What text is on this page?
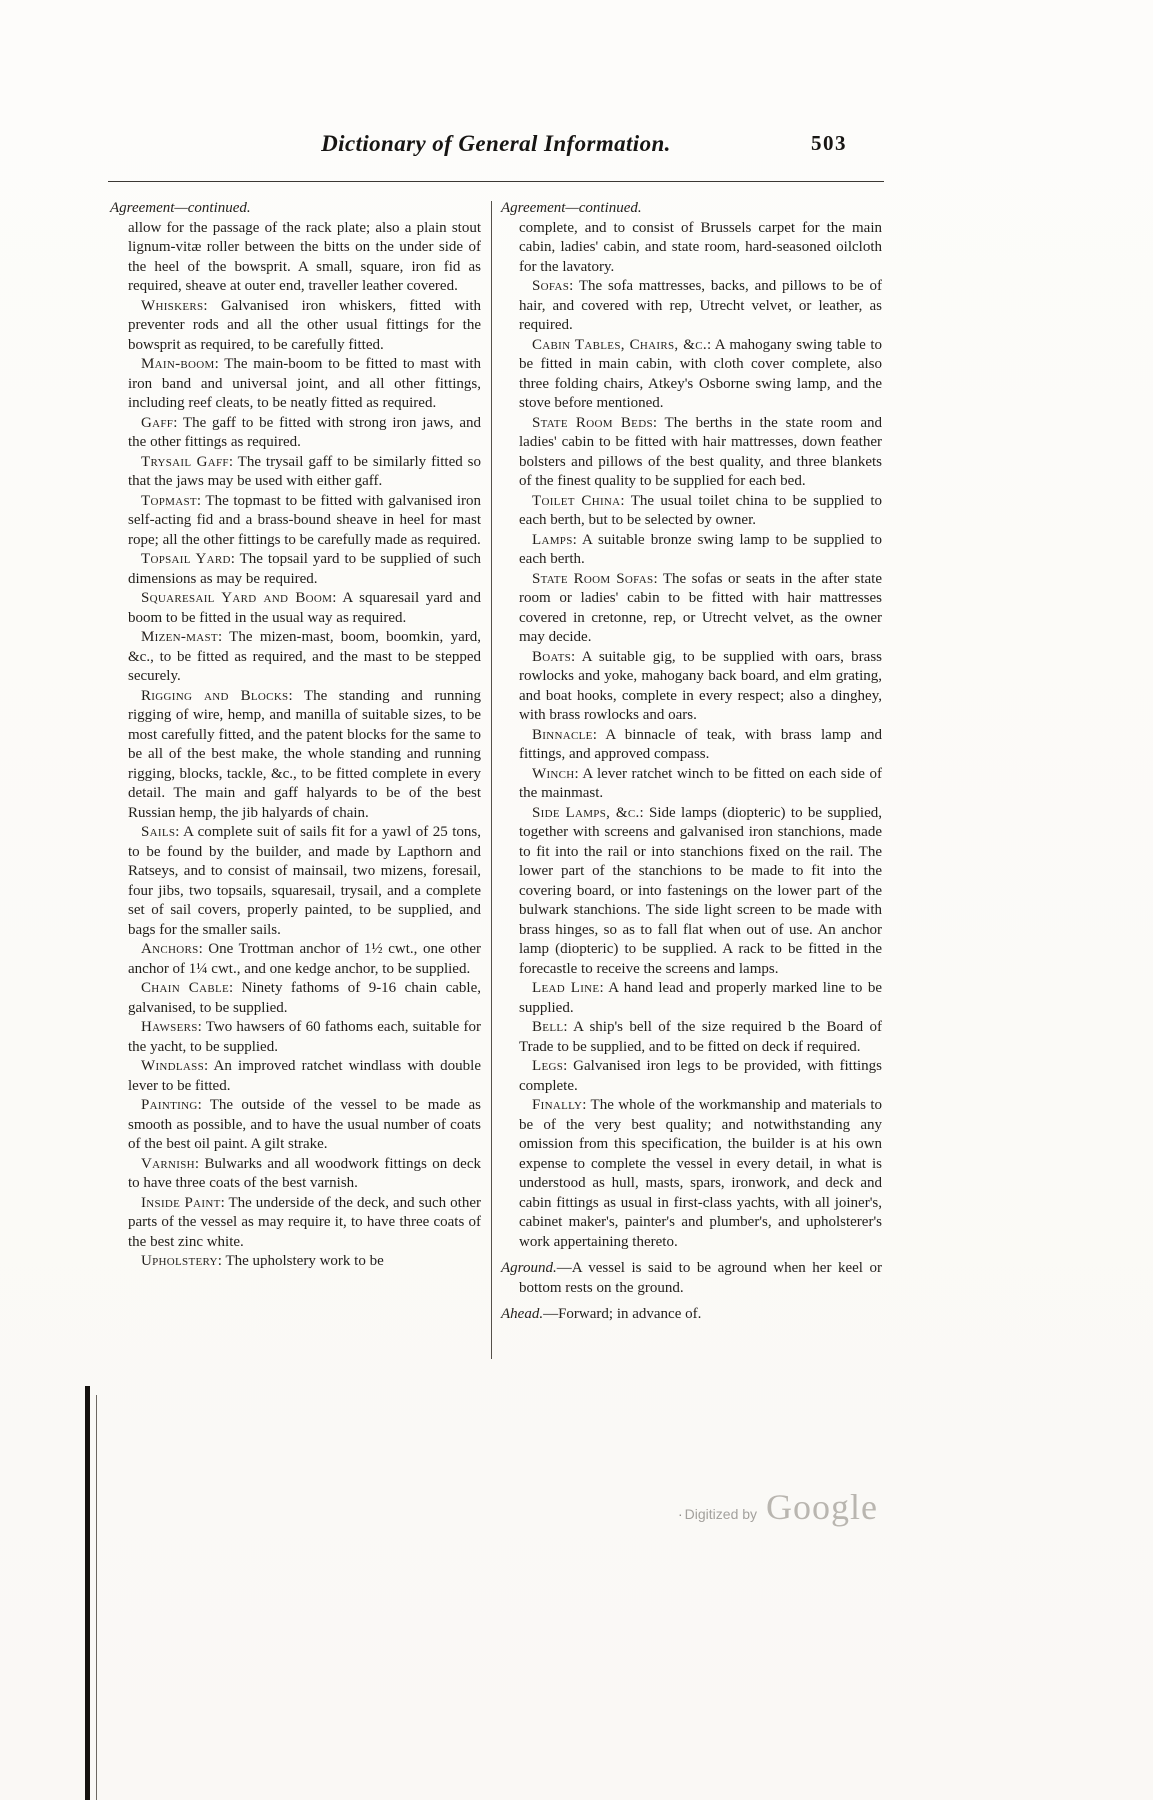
Dictionary of General Information.	503

Agreement—continued.

allow for the passage of the rack plate; also a plain stout lignum-vitæ roller between the bitts on the under side of the heel of the bowsprit. A small, square, iron fid as required, sheave at outer end, traveller leather covered.

Whiskers: Galvanised iron whiskers, fitted with preventer rods and all the other usual fittings for the bowsprit as required, to be carefully fitted.

Main-boom: The main-boom to be fitted to mast with iron band and universal joint, and all other fittings, including reef cleats, to be neatly fitted as required.

Gaff: The gaff to be fitted with strong iron jaws, and the other fittings as required.

Trysail Gaff: The trysail gaff to be similarly fitted so that the jaws may be used with either gaff.

Topmast: The topmast to be fitted with galvanised iron self-acting fid and a brass-bound sheave in heel for mast rope; all the other fittings to be carefully made as required.

Topsail Yard: The topsail yard to be supplied of such dimensions as may be required.

Squaresail Yard and Boom: A squaresail yard and boom to be fitted in the usual way as required.

Mizen-mast: The mizen-mast, boom, boomkin, yard, &c., to be fitted as required, and the mast to be stepped securely.

Rigging and Blocks: The standing and running rigging of wire, hemp, and manilla of suitable sizes, to be most carefully fitted, and the patent blocks for the same to be all of the best make, the whole standing and running rigging, blocks, tackle, &c., to be fitted complete in every detail. The main and gaff halyards to be of the best Russian hemp, the jib halyards of chain.

Sails: A complete suit of sails fit for a yawl of 25 tons, to be found by the builder, and made by Lapthorn and Ratseys, and to consist of mainsail, two mizens, foresail, four jibs, two topsails, squaresail, trysail, and a complete set of sail covers, properly painted, to be supplied, and bags for the smaller sails.

Anchors: One Trottman anchor of 1½ cwt., one other anchor of 1¼ cwt., and one kedge anchor, to be supplied.

Chain Cable: Ninety fathoms of 9-16 chain cable, galvanised, to be supplied.

Hawsers: Two hawsers of 60 fathoms each, suitable for the yacht, to be supplied.

Windlass: An improved ratchet windlass with double lever to be fitted.

Painting: The outside of the vessel to be made as smooth as possible, and to have the usual number of coats of the best oil paint. A gilt strake.

Varnish: Bulwarks and all woodwork fittings on deck to have three coats of the best varnish.

Inside Paint: The underside of the deck, and such other parts of the vessel as may require it, to have three coats of the best zinc white.

Upholstery: The upholstery work to be

Agreement—continued.

complete, and to consist of Brussels carpet for the main cabin, ladies' cabin, and state room, hard-seasoned oilcloth for the lavatory.

Sofas: The sofa mattresses, backs, and pillows to be of hair, and covered with rep, Utrecht velvet, or leather, as required.

Cabin Tables, Chairs, &c.: A mahogany swing table to be fitted in main cabin, with cloth cover complete, also three folding chairs, Atkey's Osborne swing lamp, and the stove before mentioned.

State Room Beds: The berths in the state room and ladies' cabin to be fitted with hair mattresses, down feather bolsters and pillows of the best quality, and three blankets of the finest quality to be supplied for each bed.

Toilet China: The usual toilet china to be supplied to each berth, but to be selected by owner.

Lamps: A suitable bronze swing lamp to be supplied to each berth.

State Room Sofas: The sofas or seats in the after state room or ladies' cabin to be fitted with hair mattresses covered in cretonne, rep, or Utrecht velvet, as the owner may decide.

Boats: A suitable gig, to be supplied with oars, brass rowlocks and yoke, mahogany back board, and elm grating, and boat hooks, complete in every respect; also a dinghey, with brass rowlocks and oars.

Binnacle: A binnacle of teak, with brass lamp and fittings, and approved compass.

Winch: A lever ratchet winch to be fitted on each side of the mainmast.

Side Lamps, &c.: Side lamps (diopteric) to be supplied, together with screens and galvanised iron stanchions, made to fit into the rail or into stanchions fixed on the rail. The lower part of the stanchions to be made to fit into the covering board, or into fastenings on the lower part of the bulwark stanchions. The side light screen to be made with brass hinges, so as to fall flat when out of use. An anchor lamp (diopteric) to be supplied. A rack to be fitted in the forecastle to receive the screens and lamps.

Lead Line: A hand lead and properly marked line to be supplied.

Bell: A ship's bell of the size required b the Board of Trade to be supplied, and to be fitted on deck if required.

Legs: Galvanised iron legs to be provided, with fittings complete.

Finally: The whole of the workmanship and materials to be of the very best quality; and notwithstanding any omission from this specification, the builder is at his own expense to complete the vessel in every detail, in what is understood as hull, masts, spars, ironwork, and deck and cabin fittings as usual in first-class yachts, with all joiner's, cabinet maker's, painter's and plumber's, and upholsterer's work appertaining thereto.

Aground.—A vessel is said to be aground when her keel or bottom rests on the ground.

Ahead.—Forward; in advance of.

· Digitized by Google
